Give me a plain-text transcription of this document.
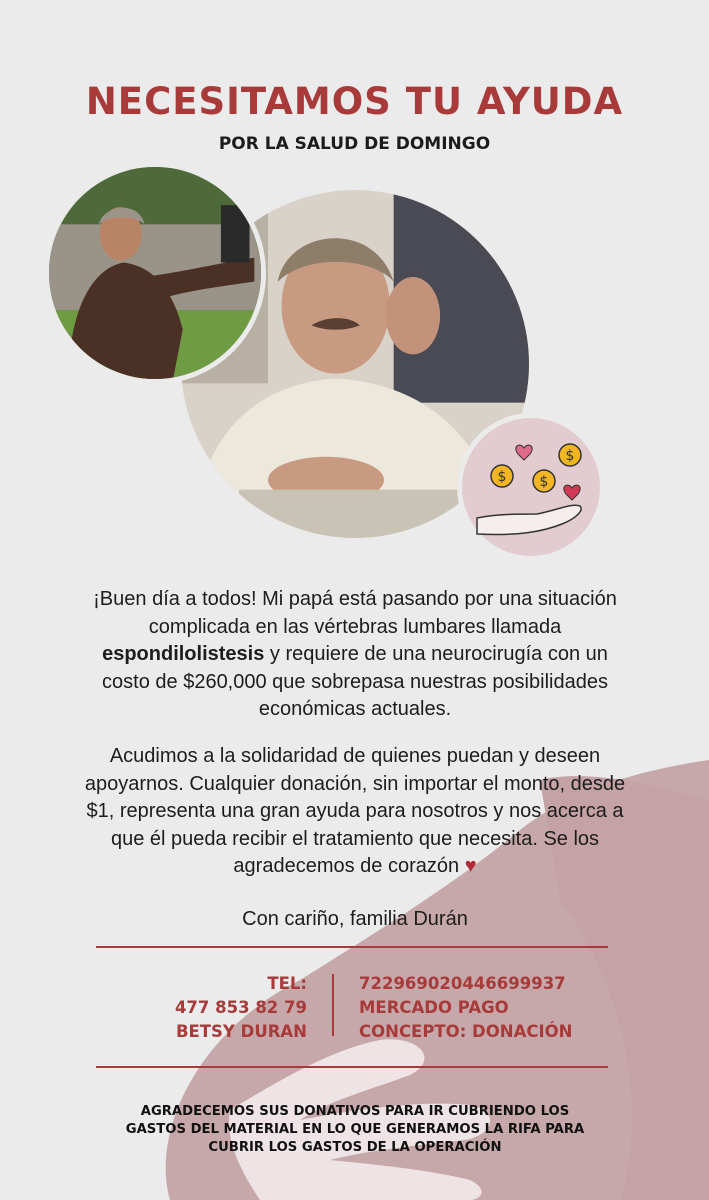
NECESITAMOS TU AYUDA
POR LA SALUD DE DOMINGO
$
$
$

¡Buen día a todos! Mi papá está pasando por una situación
complicada en las vértebras lumbares llamada
espondilolistesis y requiere de una neurocirugía con un
costo de $260,000 que sobrepasa nuestras posibilidades
económicas actuales.

Acudimos a la solidaridad de quienes puedan y deseen
apoyarnos. Cualquier donación, sin importar el monto, desde
$1, representa una gran ayuda para nosotros y nos acerca a
que él pueda recibir el tratamiento que necesita. Se los
agradecemos de corazón ♥

Con cariño, familia Durán

TEL:
477 853 82 79
BETSY DURAN
722969020446699937
MERCADO PAGO
CONCEPTO: DONACIÓN
AGRADECEMOS SUS DONATIVOS PARA IR CUBRIENDO LOS
GASTOS DEL MATERIAL EN LO QUE GENERAMOS LA RIFA PARA
CUBRIR LOS GASTOS DE LA OPERACIÓN
